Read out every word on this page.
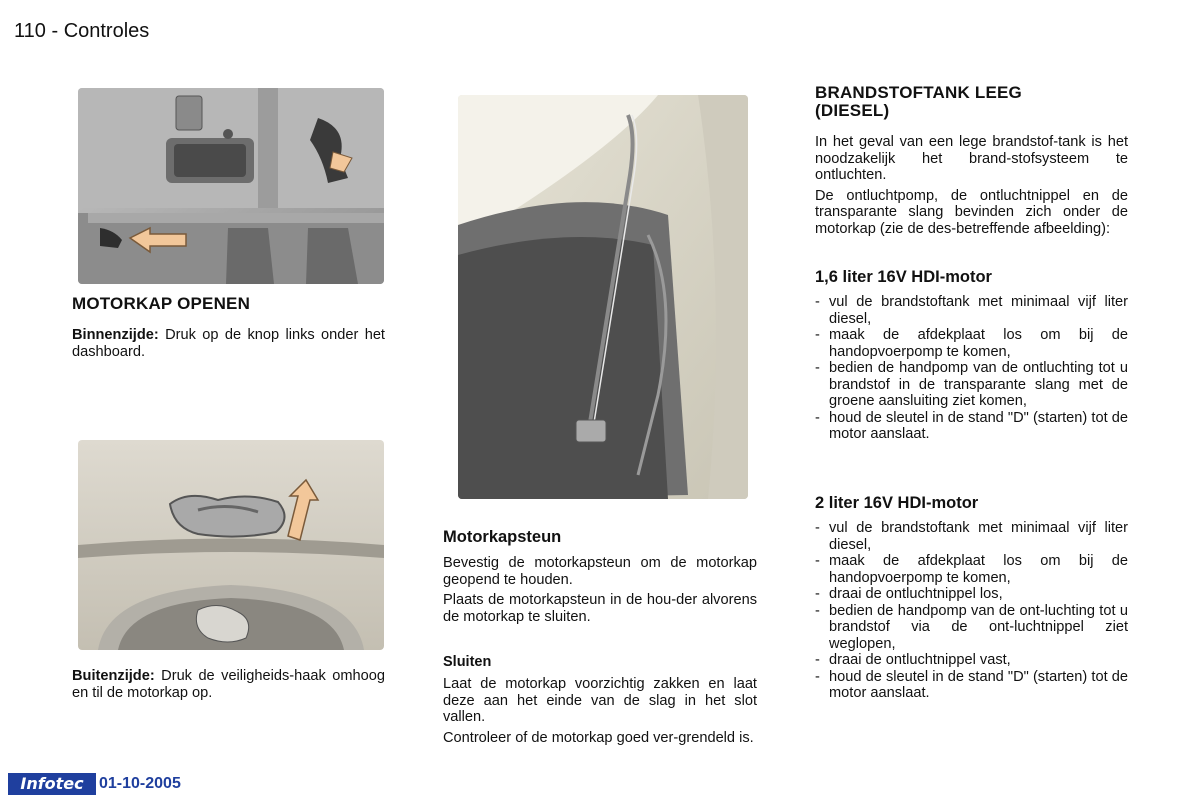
110 - Controles
MOTORKAP OPENEN
Binnenzijde: Druk op de knop links onder het dashboard.
Buitenzijde: Druk de veiligheids-haak omhoog en til de motorkap op.
Motorkapsteun

Bevestig de motorkapsteun om de motorkap geopend te houden.

Plaats de motorkapsteun in de hou-der alvorens de motorkap te sluiten.

Sluiten

Laat de motorkap voorzichtig zakken en laat deze aan het einde van de slag in het slot vallen.

Controleer of de motorkap goed ver-grendeld is.

BRANDSTOFTANK LEEG
(DIESEL)

In het geval van een lege brandstof-tank is het noodzakelijk het brand-stofsysteem te ontluchten.

De ontluchtpomp, de ontluchtnippel en de transparante slang bevinden zich onder de motorkap (zie de des-betreffende afbeelding):

1,6 liter 16V HDI-motor
- vul de brandstoftank met minimaal vijf liter diesel,
- maak de afdekplaat los om bij de handopvoerpomp te komen,
- bedien de handpomp van de ontluchting tot u brandstof in de transparante slang met de groene aansluiting ziet komen,
- houd de sleutel in de stand "D" (starten) tot de motor aanslaat.
2 liter 16V HDI-motor
- vul de brandstoftank met minimaal vijf liter diesel,
- maak de afdekplaat los om bij de handopvoerpomp te komen,
- draai de ontluchtnippel los,
- bedien de handpomp van de ont-luchting tot u brandstof via de ont-luchtnippel ziet weglopen,
- draai de ontluchtnippel vast,
- houd de sleutel in de stand "D" (starten) tot de motor aanslaat.
Infotec 01-10-2005
